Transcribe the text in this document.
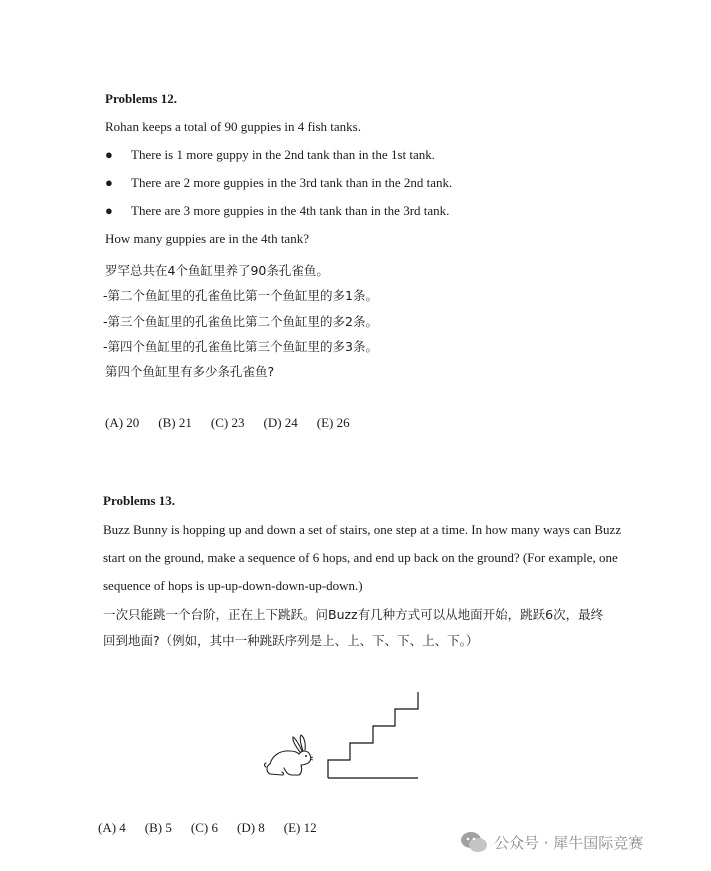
Problems 12.
Rohan keeps a total of 90 guppies in 4 fish tanks.
● There is 1 more guppy in the 2nd tank than in the 1st tank.
● There are 2 more guppies in the 3rd tank than in the 2nd tank.
● There are 3 more guppies in the 4th tank than in the 3rd tank.
How many guppies are in the 4th tank?
罗罕总共在4个鱼缸里养了90条孔雀鱼。
-第二个鱼缸里的孔雀鱼比第一个鱼缸里的多1条。
-第三个鱼缸里的孔雀鱼比第二个鱼缸里的多2条。
-第四个鱼缸里的孔雀鱼比第三个鱼缸里的多3条。
第四个鱼缸里有多少条孔雀鱼?
(A) 20 (B) 21 (C) 23 (D) 24 (E) 26
Problems 13.
Buzz Bunny is hopping up and down a set of stairs, one step at a time. In how many ways can Buzz
start on the ground, make a sequence of 6 hops, and end up back on the ground? (For example, one
sequence of hops is up-up-down-down-up-down.)
一次只能跳一个台阶，正在上下跳跃。问Buzz有几种方式可以从地面开始，跳跃6次，最终
回到地面?（例如，其中一种跳跃序列是上、上、下、下、上、下。）
(A) 4 (B) 5 (C) 6 (D) 8 (E) 12
公众号 · 犀牛国际竞赛
